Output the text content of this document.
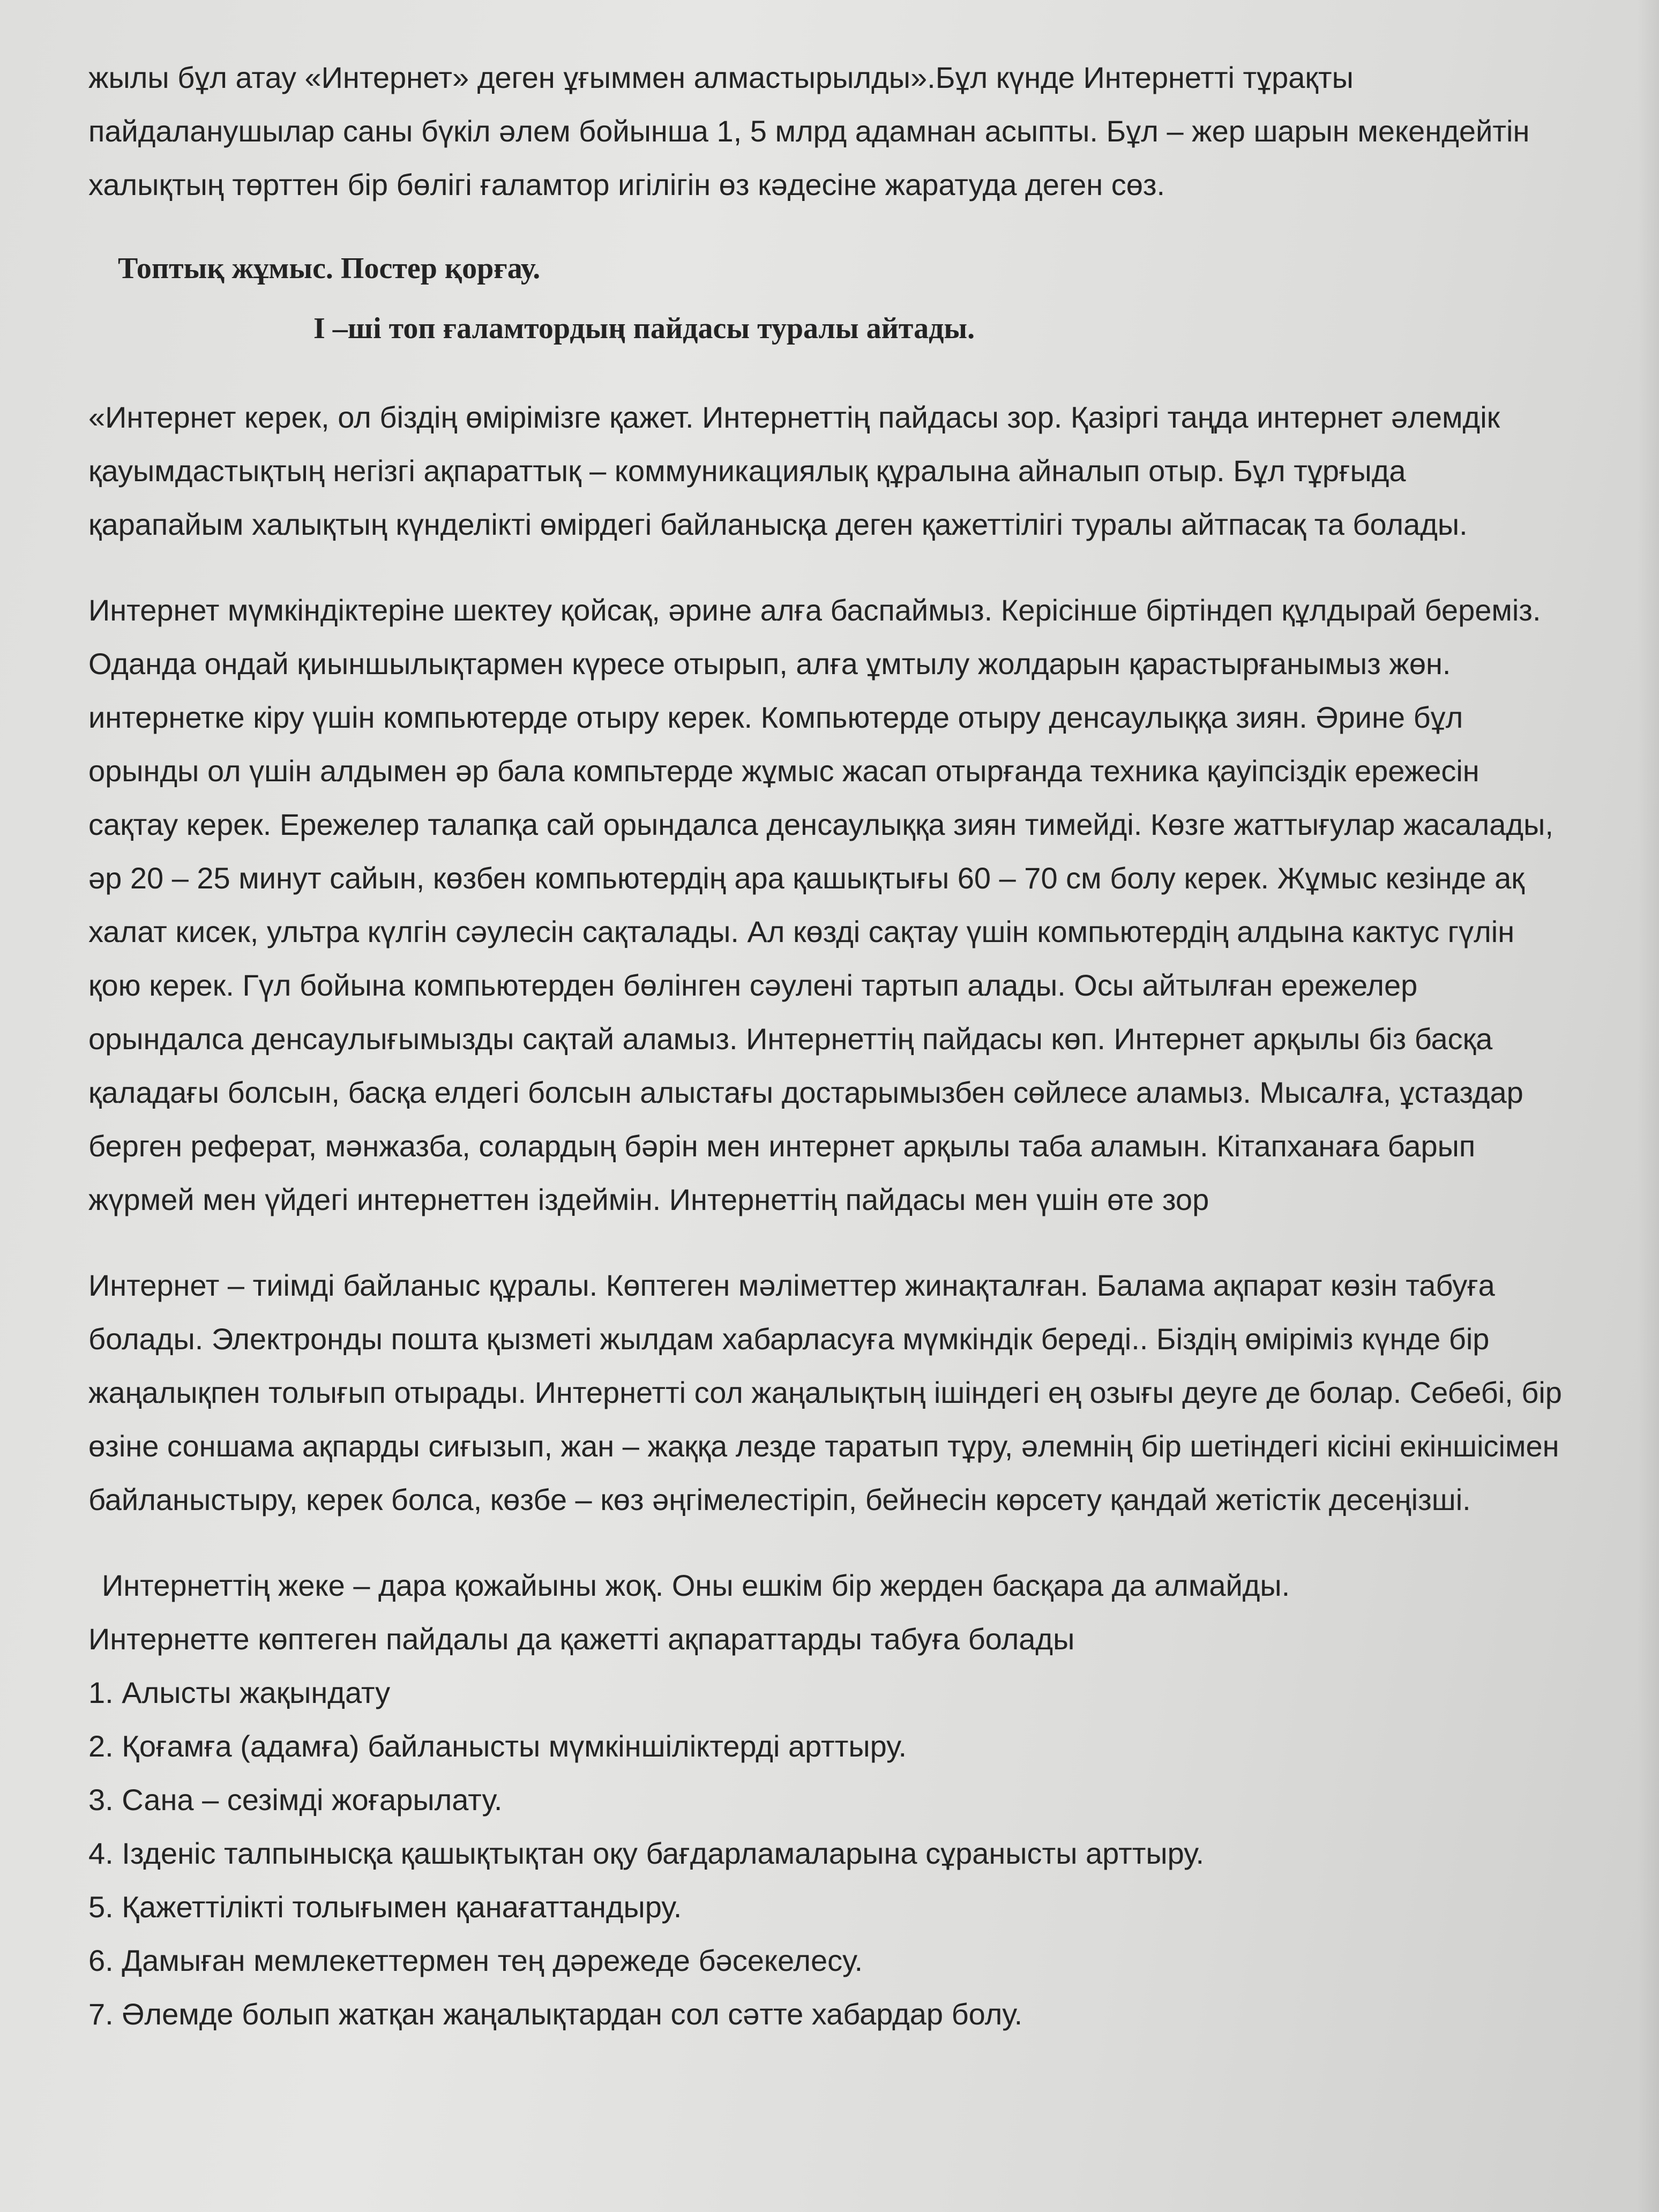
жылы бұл атау «Интернет» деген ұғыммен алмастырылды».Бұл күнде Интернетті тұрақты пайдаланушылар саны бүкіл әлем бойынша 1, 5 млрд адамнан асыпты. Бұл – жер шарын мекендейтін халықтың төрттен бір бөлігі ғаламтор игілігін өз кәдесіне жаратуда деген сөз.

Топтық жұмыс. Постер қорғау.

І –ші топ ғаламтордың пайдасы туралы айтады.

«Интернет керек, ол біздің өмірімізге қажет. Интернеттің пайдасы зор. Қазіргі таңда интернет әлемдік қауымдастықтың негізгі ақпараттық – коммуникациялық құралына айналып отыр. Бұл тұрғыда қарапайым халықтың күнделікті өмірдегі байланысқа деген қажеттілігі туралы айтпасақ та болады.

Интернет мүмкіндіктеріне шектеу қойсақ, әрине алға баспаймыз. Керісінше біртіндеп құлдырай береміз. Оданда ондай қиыншылықтармен күресе отырып, алға ұмтылу жолдарын қарастырғанымыз жөн. интернетке кіру үшін компьютерде отыру керек. Компьютерде отыру денсаулыққа зиян. Әрине бұл орынды ол үшін алдымен әр бала компьтерде жұмыс жасап отырғанда техника қауіпсіздік ережесін сақтау керек. Ережелер талапқа сай орындалса денсаулыққа зиян тимейді. Көзге жаттығулар жасалады, әр 20 – 25 минут сайын, көзбен компьютердің ара қашықтығы 60 – 70 см болу керек. Жұмыс кезінде ақ халат кисек, ультра күлгін сәулесін сақталады. Ал көзді сақтау үшін компьютердің алдына кактус гүлін қою керек. Гүл бойына компьютерден бөлінген сәулені тартып алады. Осы айтылған ережелер орындалса денсаулығымызды сақтай аламыз. Интернеттің пайдасы көп. Интернет арқылы біз басқа қаладағы болсын, басқа елдегі болсын алыстағы достарымызбен сөйлесе аламыз. Мысалға, ұстаздар берген реферат, мәнжазба, солардың бәрін мен интернет арқылы таба аламын. Кітапханаға барып жүрмей мен үйдегі интернеттен іздеймін. Интернеттің пайдасы мен үшін өте зор

Интернет – тиімді байланыс құралы. Көптеген мәліметтер жинақталған. Балама ақпарат көзін табуға болады. Электронды пошта қызметі жылдам хабарласуға мүмкіндік береді.. Біздің өміріміз күнде бір жаңалықпен толығып отырады. Интернетті сол жаңалықтың ішіндегі ең озығы деуге де болар. Себебі, бір өзіне соншама ақпарды сиғызып, жан – жаққа лезде таратып тұру, әлемнің бір шетіндегі кісіні екіншісімен байланыстыру, керек болса, көзбе – көз әңгімелестіріп, бейнесін көрсету қандай жетістік десеңізші.

Интернеттің жеке – дара қожайыны жоқ. Оны ешкім бір жерден басқара да алмайды.

Интернетте көптеген пайдалы да қажетті ақпараттарды табуға болады

1. Алысты жақындату
2. Қоғамға (адамға) байланысты мүмкіншіліктерді арттыру.
3. Сана – сезімді жоғарылату.
4. Ізденіс талпынысқа қашықтықтан оқу бағдарламаларына сұранысты арттыру.
5. Қажеттілікті толығымен қанағаттандыру.
6. Дамыған мемлекеттермен тең дәрежеде бәсекелесу.
7. Әлемде болып жатқан жаңалықтардан сол сәтте хабардар болу.
